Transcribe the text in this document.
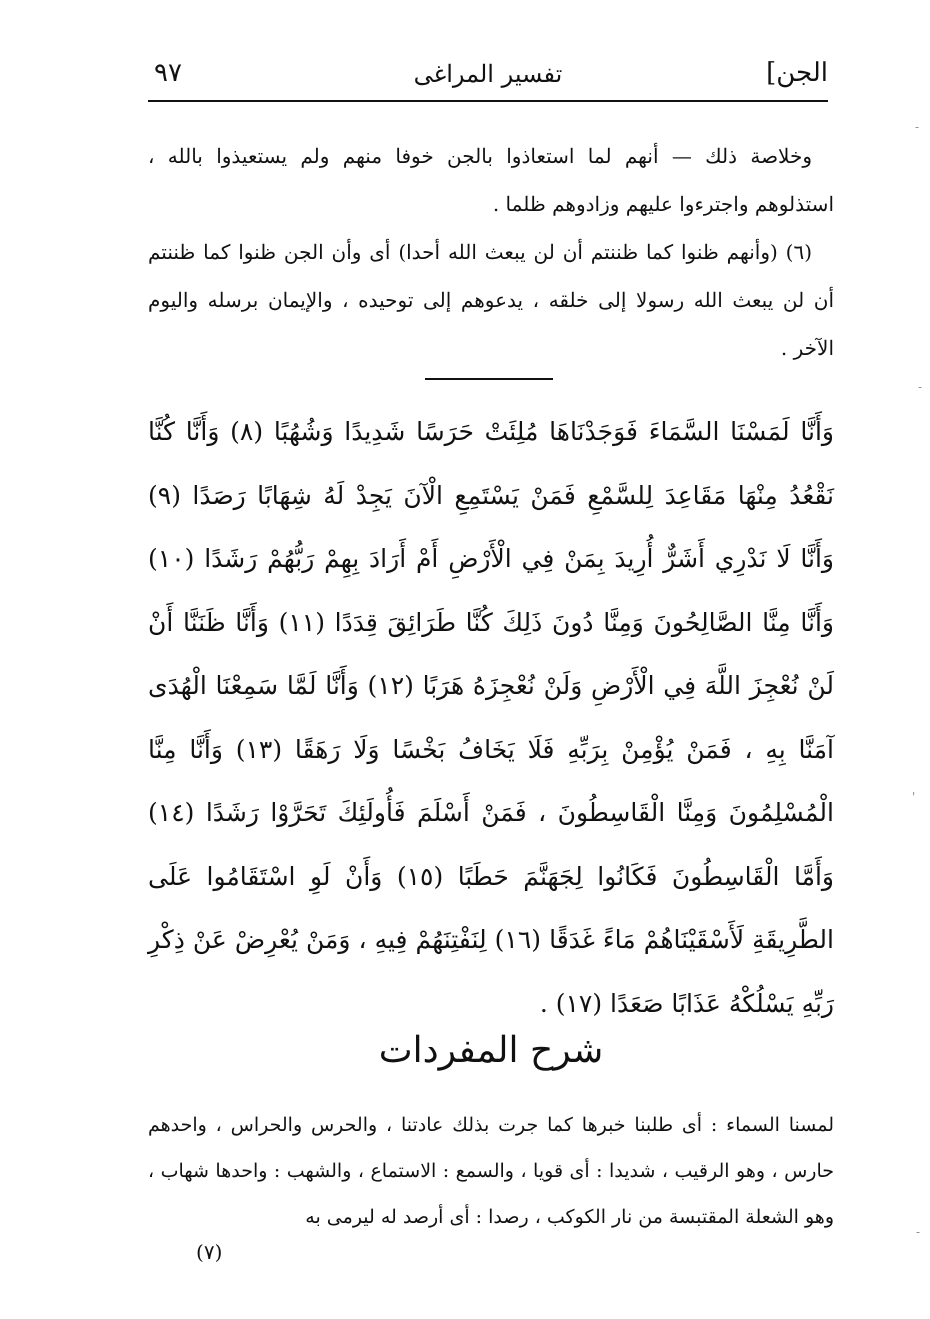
الجن]
تفسير المراغى
٩٧

وخلاصة ذلك — أنهم لما استعاذوا بالجن خوفا منهم ولم يستعيذوا بالله ، استذلوهم واجترءوا عليهم وزادوهم ظلما .

(٦) (وأنهم ظنوا كما ظننتم أن لن يبعث الله أحدا) أى وأن الجن ظنوا كما ظننتم أن لن يبعث الله رسولا إلى خلقه ، يدعوهم إلى توحيده ، والإيمان برسله واليوم الآخر .

وَأَنَّا لَمَسْنَا السَّمَاءَ فَوَجَدْنَاهَا مُلِئَتْ حَرَسًا شَدِيدًا وَشُهُبًا (٨) وَأَنَّا كُنَّا نَقْعُدُ مِنْهَا مَقَاعِدَ لِلسَّمْعِ فَمَنْ يَسْتَمِعِ الْآنَ يَجِدْ لَهُ شِهَابًا رَصَدًا (٩) وَأَنَّا لَا نَدْرِي أَشَرٌّ أُرِيدَ بِمَنْ فِي الْأَرْضِ أَمْ أَرَادَ بِهِمْ رَبُّهُمْ رَشَدًا (١٠) وَأَنَّا مِنَّا الصَّالِحُونَ وَمِنَّا دُونَ ذَلِكَ كُنَّا طَرَائِقَ قِدَدًا (١١) وَأَنَّا ظَنَنَّا أَنْ لَنْ نُعْجِزَ اللَّهَ فِي الْأَرْضِ وَلَنْ نُعْجِزَهُ هَرَبًا (١٢) وَأَنَّا لَمَّا سَمِعْنَا الْهُدَى آمَنَّا بِهِ ، فَمَنْ يُؤْمِنْ بِرَبِّهِ فَلَا يَخَافُ بَخْسًا وَلَا رَهَقًا (١٣) وَأَنَّا مِنَّا الْمُسْلِمُونَ وَمِنَّا الْقَاسِطُونَ ، فَمَنْ أَسْلَمَ فَأُولَئِكَ تَحَرَّوْا رَشَدًا (١٤) وَأَمَّا الْقَاسِطُونَ فَكَانُوا لِجَهَنَّمَ حَطَبًا (١٥) وَأَنْ لَوِ اسْتَقَامُوا عَلَى الطَّرِيقَةِ لَأَسْقَيْنَاهُمْ مَاءً غَدَقًا (١٦) لِنَفْتِنَهُمْ فِيهِ ، وَمَنْ يُعْرِضْ عَنْ ذِكْرِ رَبِّهِ يَسْلُكْهُ عَذَابًا صَعَدًا (١٧) .

شرح المفردات

لمسنا السماء : أى طلبنا خبرها كما جرت بذلك عادتنا ، والحرس والحراس ، واحدهم حارس ، وهو الرقيب ، شديدا : أى قويا ، والسمع : الاستماع ، والشهب : واحدها شهاب ، وهو الشعلة المقتبسة من نار الكوكب ، رصدا : أى أرصد له ليرمى به

(٧)
-
-
'
-
